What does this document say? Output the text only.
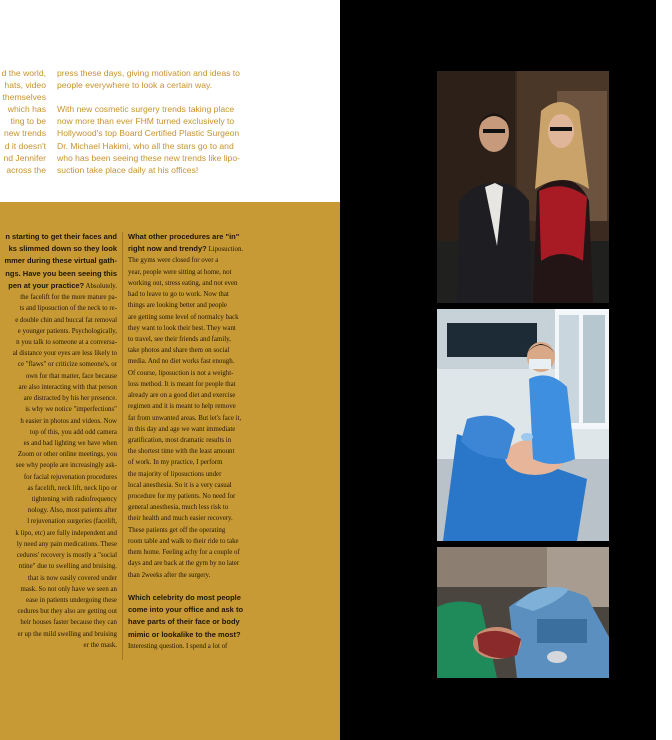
d the world,
hats, video
themselves
which has
ting to be
new trends
d it doesn't
nd Jennifer
across the

press these days, giving motivation and ideas to
people everywhere to look a certain way.

With new cosmetic surgery trends taking place
now more than ever FHM turned exclusively to
Hollywood's top Board Certified Plastic Surgeon
Dr. Michael Hakimi, who all the stars go to and
who has been seeing these new trends like lipo-
suction take place daily at his offices!

n starting to get their faces and
ks slimmed down so they look
mmer during these virtual gath-
ngs. Have you been seeing this
pen at your practice? Absolutely.
the facelift for the more mature pa-
ts and liposuction of the neck to re-
e double chin and buccal fat removal
e younger patients. Psychologically,
n you talk to someone at a conversa-
al distance your eyes are less likely to
ce "flaws" or criticize someone's, or
own for that matter, face because
are also interacting with that person
are distracted by his her presence.
is why we notice "imperfections"
h easier in photos and videos. Now
top of this, you add odd camera
es and bad lighting we have when
Zoom or other online meetings, you
see why people are increasingly ask-
for facial rejuvenation procedures
as facelift, neck lift, neck lipo or
tightening with radiofrequency
nology. Also, most patients after
l rejuvenation surgeries (facelift,
k lipo, etc) are fully independent and
ly need any pain medications. These
cedures' recovery is mostly a "social
ntine" due to swelling and bruising.
that is now easily covered under
mask. So not only have we seen an
ease in patients undergoing these
cedures but they also are getting out
heir houses faster because they can
er up the mild swelling and bruising
er the mask.

What other procedures are "in"
right now and trendy? Liposuction.
The gyms were closed for over a
year, people were sitting at home, not
working out, stress eating, and not even
had to leave to go to work. Now that
things are looking better and people
are getting some level of normalcy back
they want to look their best. They want
to travel, see their friends and family,
take photos and share them on social
media. And no diet works fast enough.
Of course, liposuction is not a weight-
loss method. It is meant for people that
already are on a good diet and exercise
regimen and it is meant to help remove
fat from unwanted areas. But let's face it,
in this day and age we want immediate
gratification, most dramatic results in
the shortest time with the least amount
of work. In my practice, I perform
the majority of liposuctions under
local anesthesia. So it is a very casual
procedure for my patients. No need for
general anesthesia, much less risk to
their health and much easier recovery.
These patients get off the operating
room table and walk to their ride to take
them home. Feeling achy for a couple of
days and are back at the gym by no later
than 2weeks after the surgery.

Which celebrity do most people
come into your office and ask to
have parts of their face or body
mimic or lookalike to the most?
Interesting question. I spend a lot of
